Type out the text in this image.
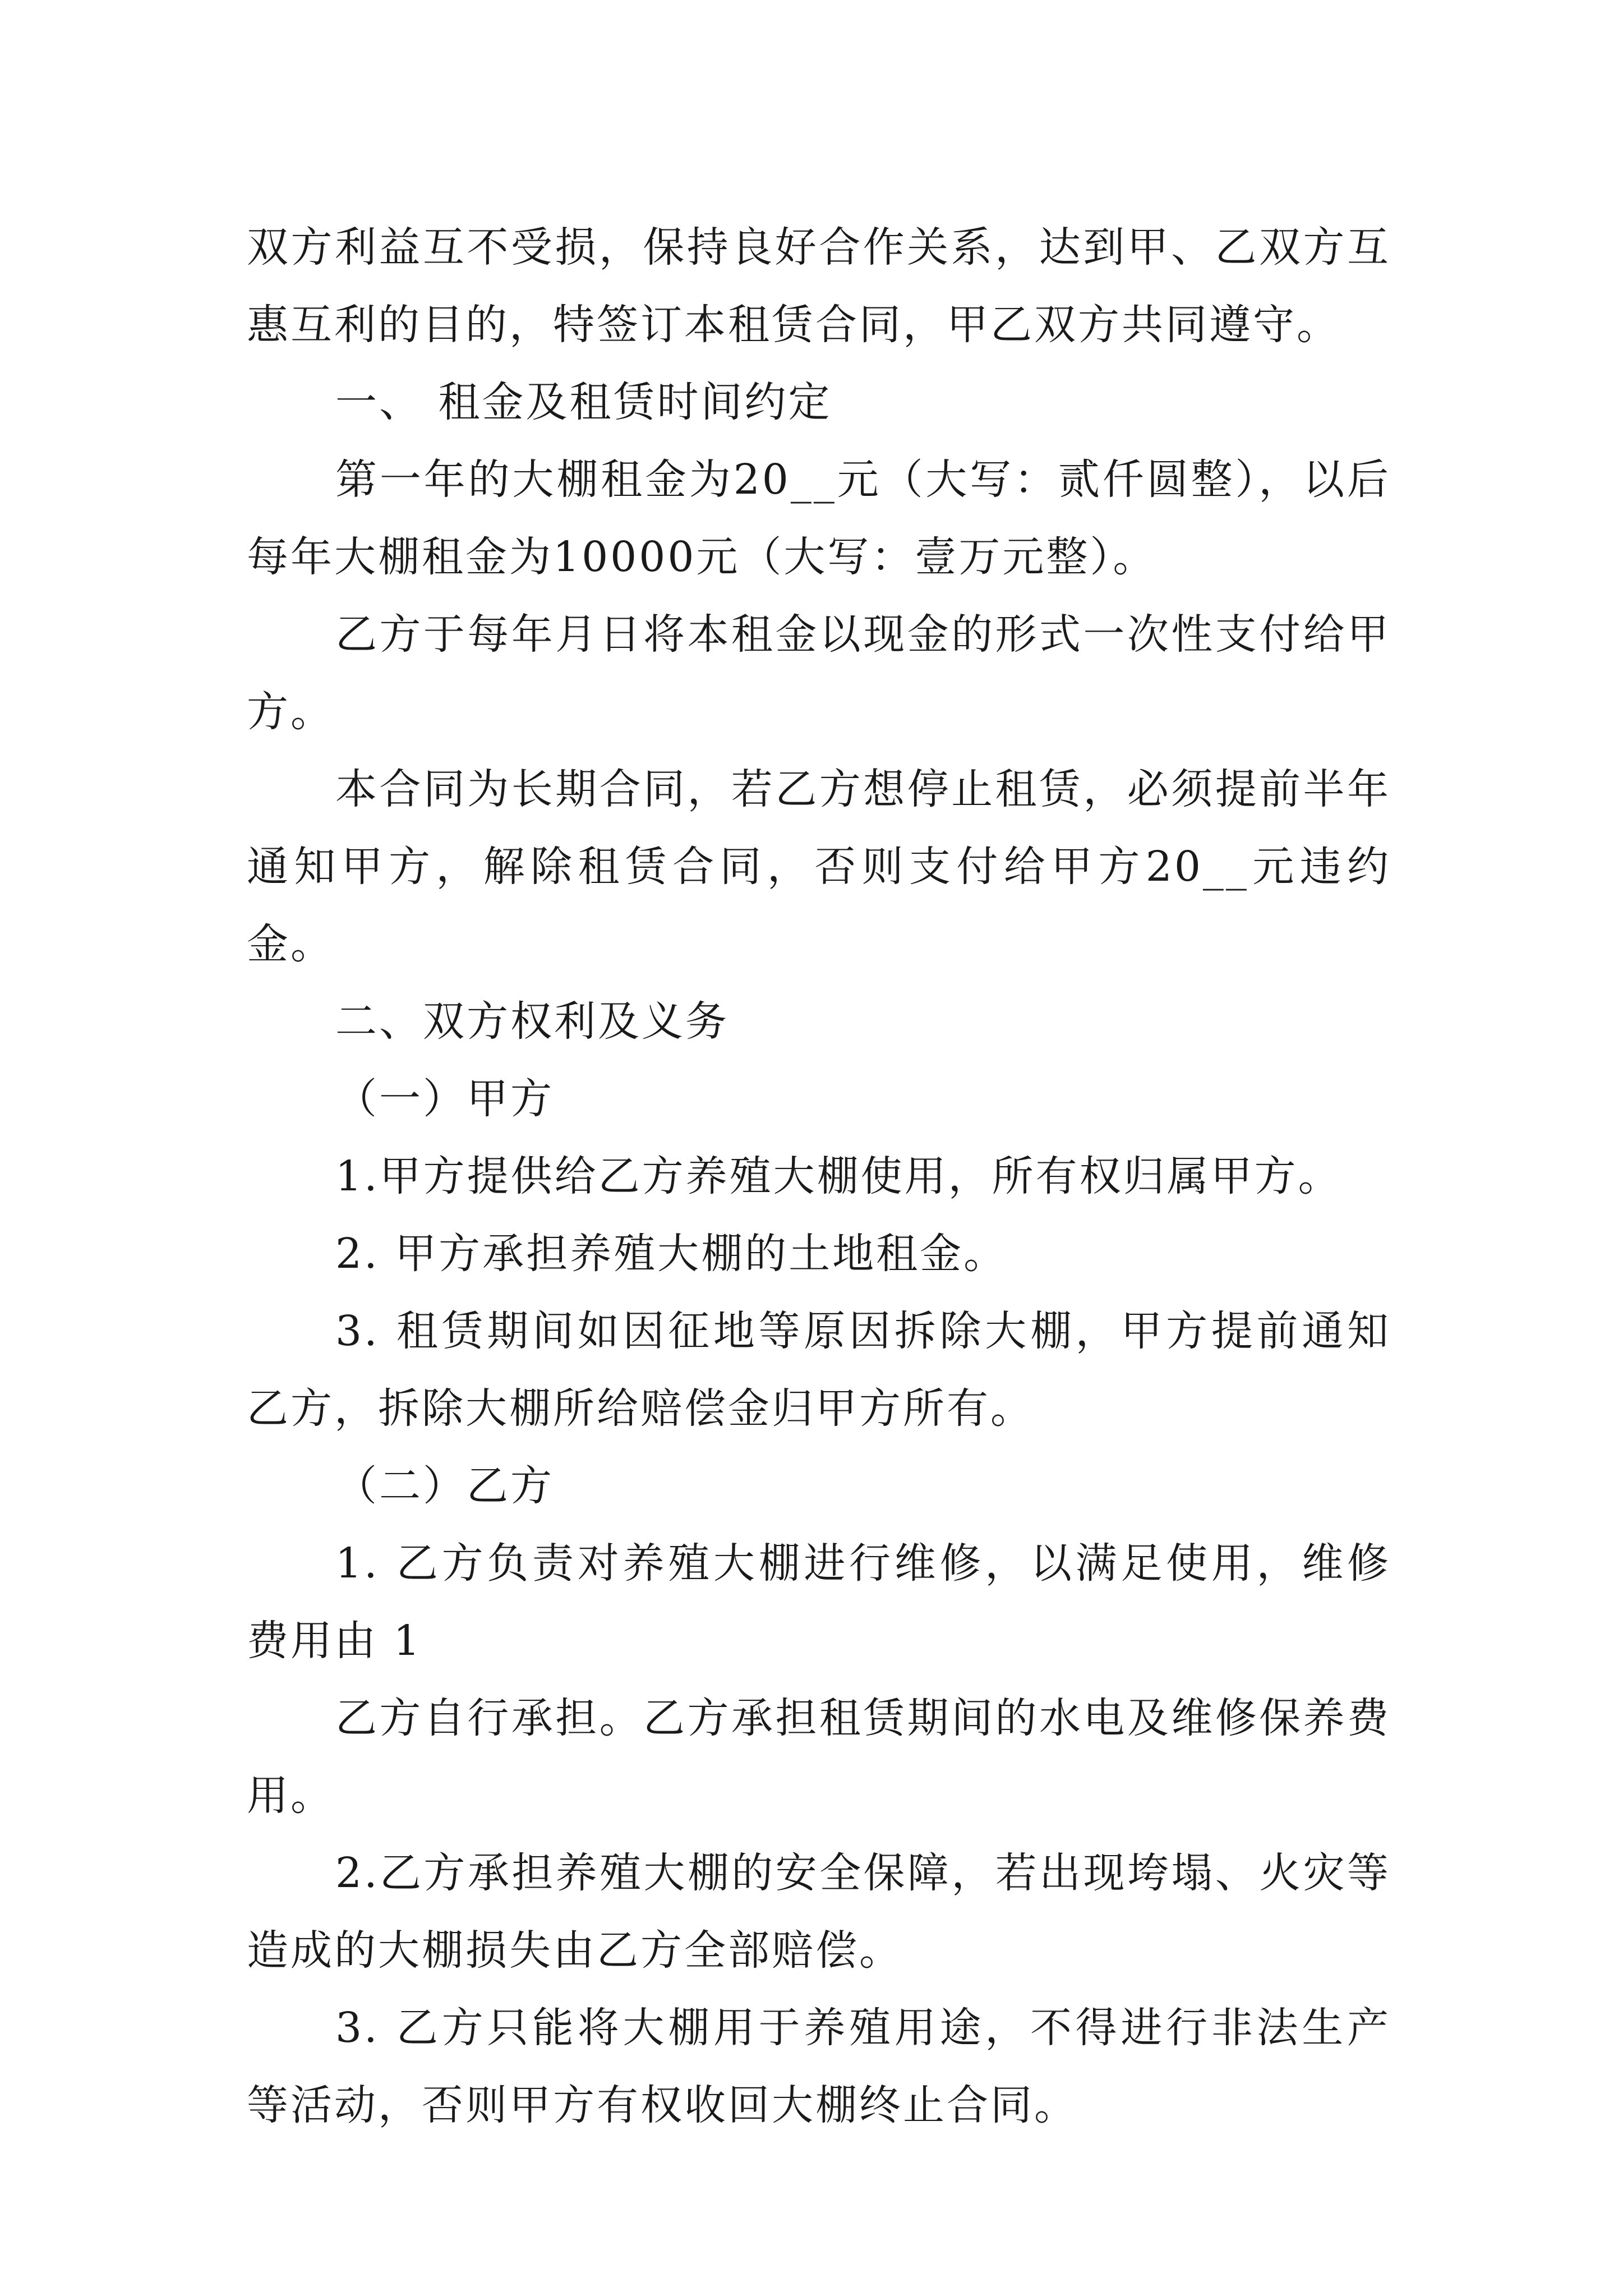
双方利益互不受损，保持良好合作关系，达到甲、乙双方互惠互利的目的，特签订本租赁合同，甲乙双方共同遵守。

一、 租金及租赁时间约定

第一年的大棚租金为20__元（大写：贰仟圆整），以后每年大棚租金为10000元（大写：壹万元整）。

乙方于每年月日将本租金以现金的形式一次性支付给甲方。

本合同为长期合同，若乙方想停止租赁，必须提前半年通知甲方，解除租赁合同，否则支付给甲方20__元违约金。

二、双方权利及义务

（一）甲方

1.甲方提供给乙方养殖大棚使用，所有权归属甲方。

2. 甲方承担养殖大棚的土地租金。

3. 租赁期间如因征地等原因拆除大棚，甲方提前通知乙方，拆除大棚所给赔偿金归甲方所有。

（二）乙方

1. 乙方负责对养殖大棚进行维修，以满足使用，维修费用由 1

乙方自行承担。乙方承担租赁期间的水电及维修保养费用。

2.乙方承担养殖大棚的安全保障，若出现垮塌、火灾等造成的大棚损失由乙方全部赔偿。

3. 乙方只能将大棚用于养殖用途，不得进行非法生产等活动，否则甲方有权收回大棚终止合同。
